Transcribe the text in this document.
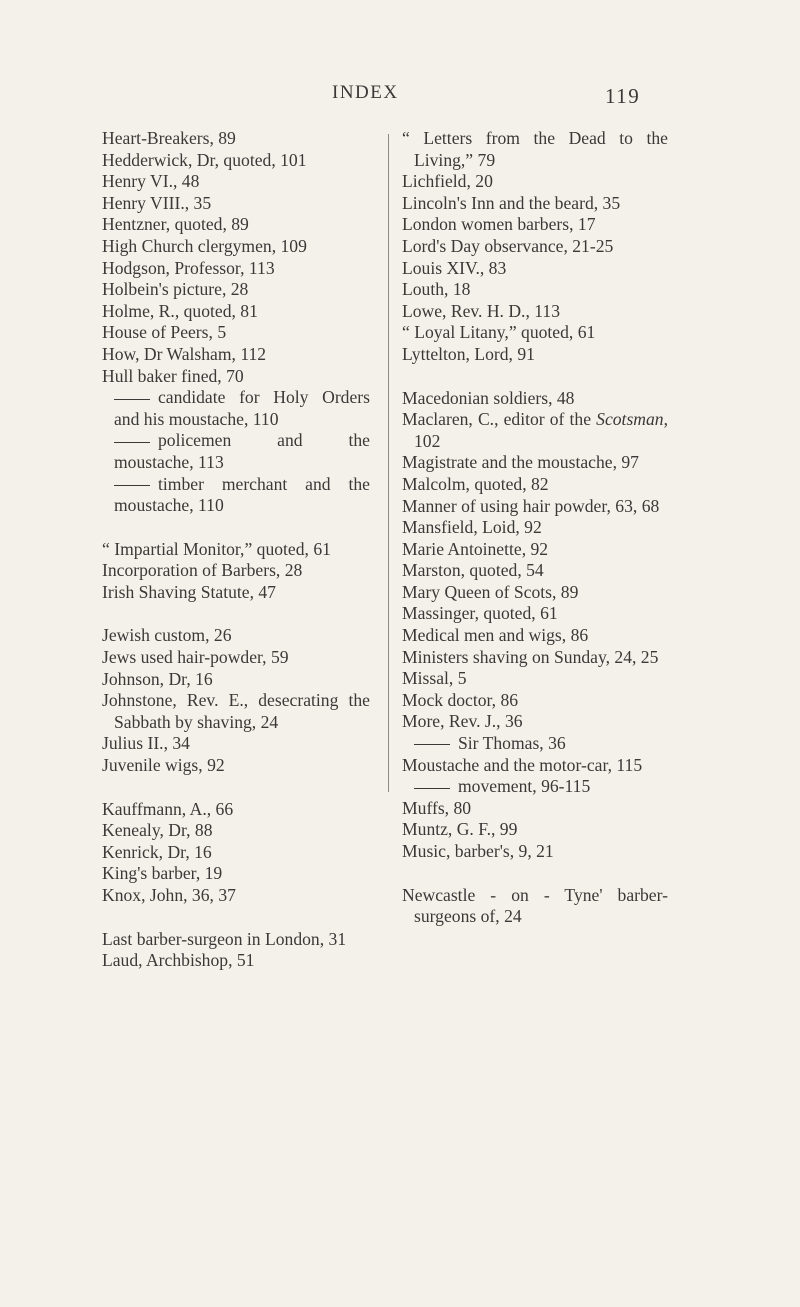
INDEX	119
Heart-Breakers, 89
Hedderwick, Dr, quoted, 101
Henry VI., 48
Henry VIII., 35
Hentzner, quoted, 89
High Church clergymen, 109
Hodgson, Professor, 113
Holbein's picture, 28
Holme, R., quoted, 81
House of Peers, 5
How, Dr Walsham, 112
Hull baker fined, 70
candidate for Holy Orders and his moustache, 110
policemen and the moustache, 113
timber merchant and the moustache, 110
“ Impartial Monitor,” quoted, 61
Incorporation of Barbers, 28
Irish Shaving Statute, 47
Jewish custom, 26
Jews used hair-powder, 59
Johnson, Dr, 16
Johnstone, Rev. E., desecrating the Sabbath by shaving, 24
Julius II., 34
Juvenile wigs, 92
Kauffmann, A., 66
Kenealy, Dr, 88
Kenrick, Dr, 16
King's barber, 19
Knox, John, 36, 37
Last barber-surgeon in London, 31
Laud, Archbishop, 51
“ Letters from the Dead to the Living,” 79
Lichfield, 20
Lincoln's Inn and the beard, 35
London women barbers, 17
Lord's Day observance, 21-25
Louis XIV., 83
Louth, 18
Lowe, Rev. H. D., 113
“ Loyal Litany,” quoted, 61
Lyttelton, Lord, 91
Macedonian soldiers, 48
Maclaren, C., editor of the Scotsman, 102
Magistrate and the moustache, 97
Malcolm, quoted, 82
Manner of using hair powder, 63, 68
Mansfield, Loid, 92
Marie Antoinette, 92
Marston, quoted, 54
Mary Queen of Scots, 89
Massinger, quoted, 61
Medical men and wigs, 86
Ministers shaving on Sunday, 24, 25
Missal, 5
Mock doctor, 86
More, Rev. J., 36
Sir Thomas, 36
Moustache and the motor-car, 115
movement, 96-115
Muffs, 80
Muntz, G. F., 99
Music, barber's, 9, 21
Newcastle - on - Tyne' barber-surgeons of, 24
